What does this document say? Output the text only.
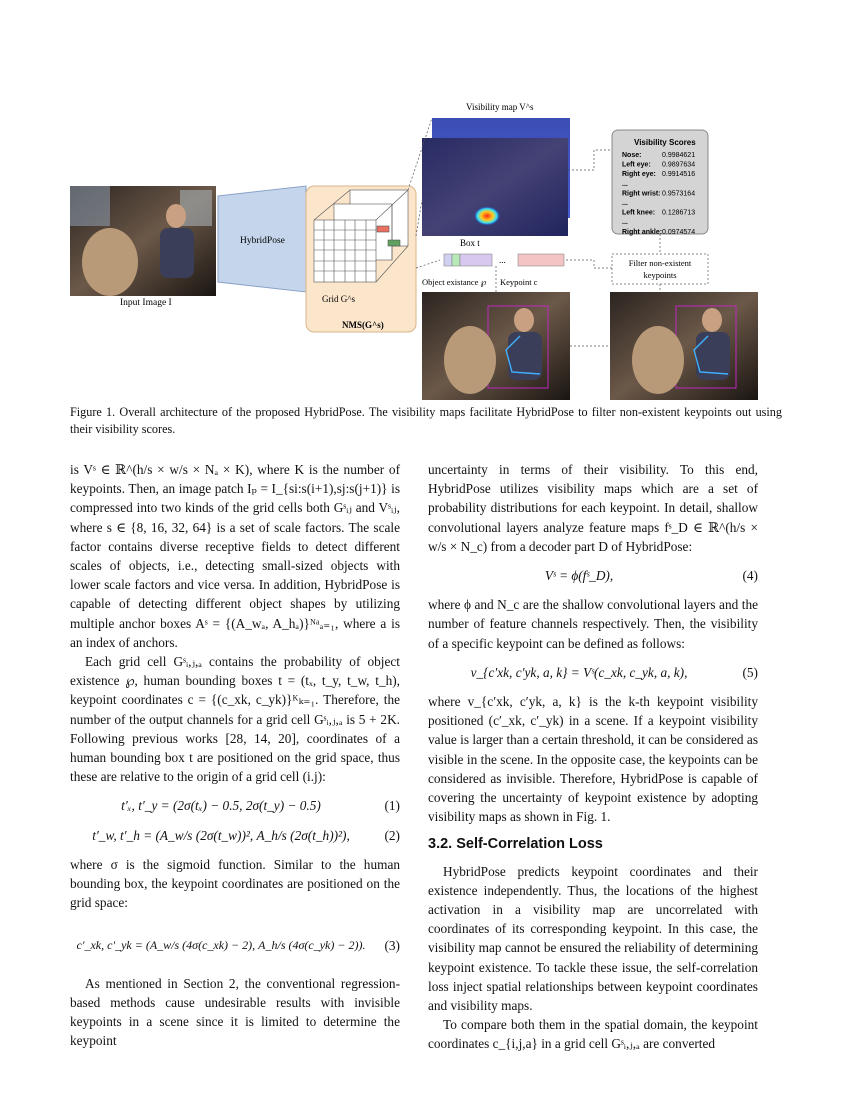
Input Image I
HybridPose
Grid G^s
NMS(G^s)
Visibility map V^s
Box t
...
Object existance ℘ Keypoint c
Visibility Scores
Nose:	0.9984621
Left eye: 0.9897634
Right eye: 0.9914516
...
Right wrist: 0.9573164
...
Left knee: 0.1286713
...
Right ankle: 0.0974574
Filter non-existent
keypoints
Figure 1. Overall architecture of the proposed HybridPose. The visibility maps facilitate HybridPose to filter non-existent keypoints out using their visibility scores.

is Vˢ ∈ ℝ^(h/s × w/s × Nₐ × K), where K is the number of keypoints. Then, an image patch Iₚ = I_{si:s(i+1),sj:s(j+1)} is compressed into two kinds of the grid cells both Gˢᵢⱼ and Vˢᵢⱼ, where s ∈ {8, 16, 32, 64} is a set of scale factors. The scale factor contains diverse receptive fields to detect different scales of objects, i.e., detecting small-sized objects with lower scale factors and vice versa. In addition, HybridPose is capable of detecting different object shapes by utilizing multiple anchor boxes Aˢ = {(A_wₐ, A_hₐ)}ᴺᵃₐ₌₁, where a is an index of anchors.

Each grid cell Gˢᵢ,ⱼ,ₐ contains the probability of object existence ℘, human bounding boxes t = (tₓ, t_y, t_w, t_h), keypoint coordinates c = {(c_xk, c_yk)}ᴷₖ₌₁. Therefore, the number of the output channels for a grid cell Gˢᵢ,ⱼ,ₐ is 5 + 2K. Following previous works [28, 14, 20], coordinates of a human bounding box t are positioned on the grid space, thus these are relative to the origin of a grid cell (i.j):

t′ₓ, t′_y = (2σ(tₓ) − 0.5, 2σ(t_y) − 0.5)	(1)
t′_w, t′_h = (A_w/s (2σ(t_w))², A_h/s (2σ(t_h))²),	(2)

where σ is the sigmoid function. Similar to the human bounding box, the keypoint coordinates are positioned on the grid space:

c′_xk, c′_yk = (A_w/s (4σ(c_xk) − 2), A_h/s (4σ(c_yk) − 2)).	(3)

As mentioned in Section 2, the conventional regression-based methods cause undesirable results with invisible keypoints in a scene since it is limited to determine the keypoint

uncertainty in terms of their visibility. To this end, HybridPose utilizes visibility maps which are a set of probability distributions for each keypoint. In detail, shallow convolutional layers analyze feature maps fˢ_D ∈ ℝ^(h/s × w/s × N_c) from a decoder part D of HybridPose:

Vˢ = ϕ(fˢ_D),	(4)

where ϕ and N_c are the shallow convolutional layers and the number of feature channels respectively. Then, the visibility of a specific keypoint can be defined as follows:

v_{c′xk, c′yk, a, k} = Vˢ(c_xk, c_yk, a, k),	(5)

where v_{c′xk, c′yk, a, k} is the k-th keypoint visibility positioned (c′_xk, c′_yk) in a scene. If a keypoint visibility value is larger than a certain threshold, it can be considered as visible in the scene. In the opposite case, the keypoints can be considered as invisible. Therefore, HybridPose is capable of covering the uncertainty of keypoint existence by adopting visibility maps as shown in Fig. 1.

3.2. Self-Correlation Loss

HybridPose predicts keypoint coordinates and their existence independently. Thus, the locations of the highest activation in a visibility map are uncorrelated with coordinates of its corresponding keypoint. In this case, the visibility map cannot be ensured the reliability of determining keypoint existence. To tackle these issue, the self-correlation loss inject spatial relationships between keypoint coordinates and visibility maps.

To compare both them in the spatial domain, the keypoint coordinates c_{i,j,a} in a grid cell Gˢᵢ,ⱼ,ₐ are converted
